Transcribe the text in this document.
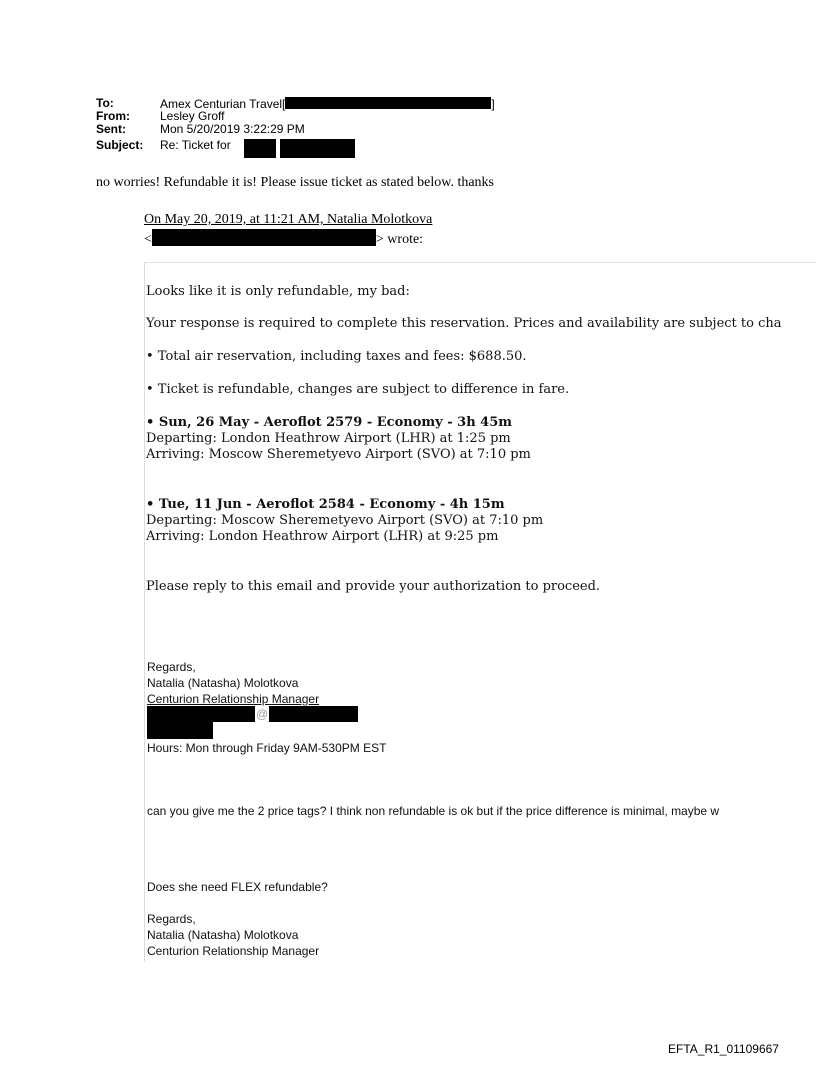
To:	Amex Centurian Travel[	]
From:	Lesley Groff
Sent:	Mon 5/20/2019 3:22:29 PM
Subject: Re: Ticket for
no worries! Refundable it is! Please issue ticket as stated below. thanks
On May 20, 2019, at 11:21 AM, Natalia Molotkova
<	> wrote:
Looks like it is only refundable, my bad:
Your response is required to complete this reservation. Prices and availability are subject to cha
• Total air reservation, including taxes and fees: $688.50.
• Ticket is refundable, changes are subject to difference in fare.
• Sun, 26 May - Aeroflot 2579 - Economy - 3h 45m
Departing: London Heathrow Airport (LHR) at 1:25 pm
Arriving: Moscow Sheremetyevo Airport (SVO) at 7:10 pm
• Tue, 11 Jun - Aeroflot 2584 - Economy - 4h 15m
Departing: Moscow Sheremetyevo Airport (SVO) at 7:10 pm
Arriving: London Heathrow Airport (LHR) at 9:25 pm
Please reply to this email and provide your authorization to proceed.
Regards,
Natalia (Natasha) Molotkova
Centurion Relationship Manager
@
Hours: Mon through Friday 9AM-530PM EST
can you give me the 2 price tags? I think non refundable is ok but if the price difference is minimal, maybe w
Does she need FLEX refundable?
Regards,
Natalia (Natasha) Molotkova
Centurion Relationship Manager
EFTA_R1_01109667
